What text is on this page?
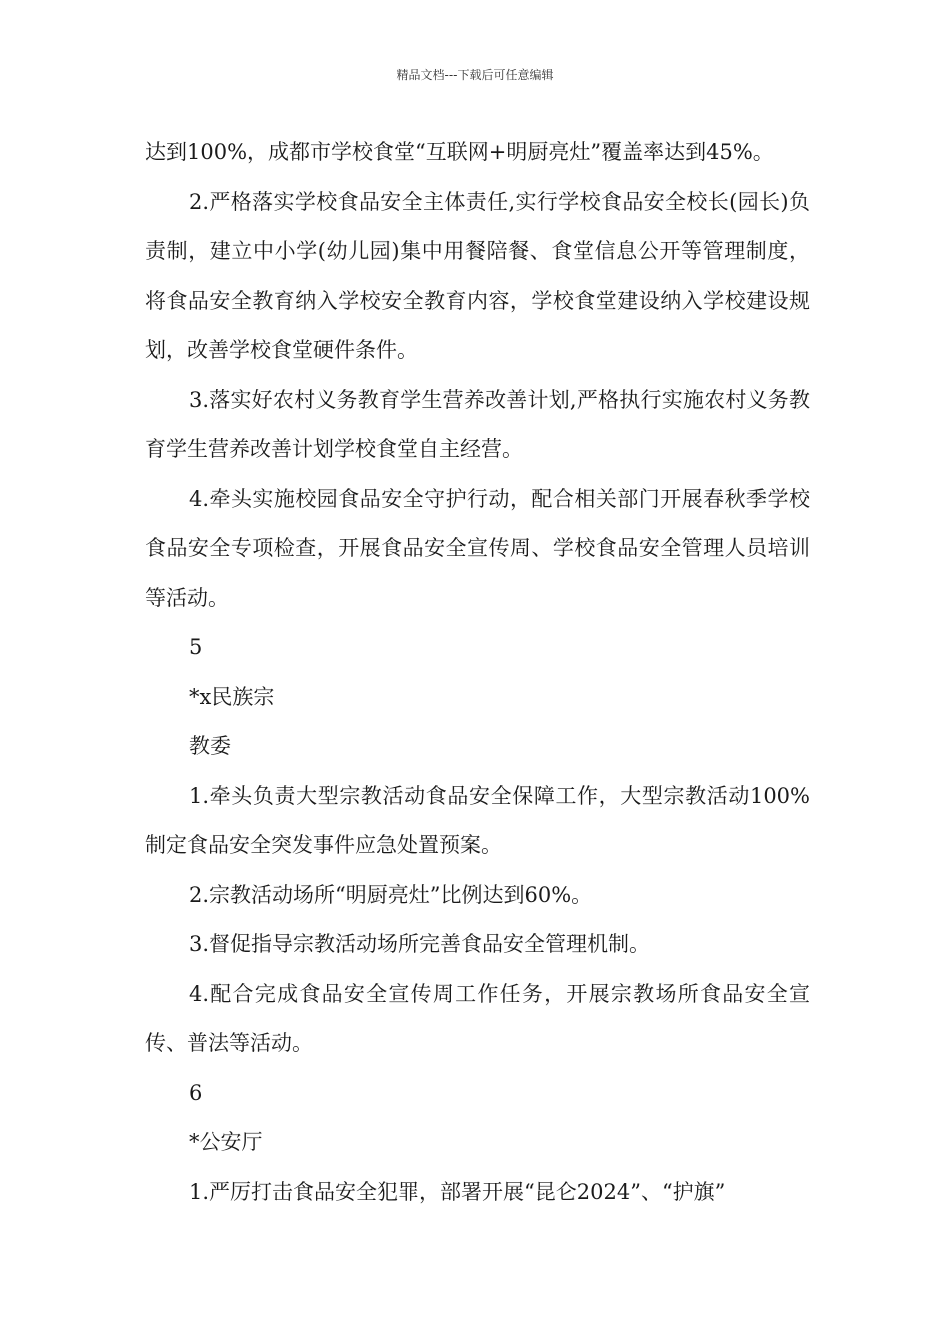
精品文档---下载后可任意编辑

达到100%，成都市学校食堂“互联网+明厨亮灶”覆盖率达到45%。

2.严格落实学校食品安全主体责任,实行学校食品安全校长(园长)负责制，建立中小学(幼儿园)集中用餐陪餐、食堂信息公开等管理制度，将食品安全教育纳入学校安全教育内容，学校食堂建设纳入学校建设规划，改善学校食堂硬件条件。

3.落实好农村义务教育学生营养改善计划,严格执行实施农村义务教育学生营养改善计划学校食堂自主经营。

4.牵头实施校园食品安全守护行动，配合相关部门开展春秋季学校食品安全专项检查，开展食品安全宣传周、学校食品安全管理人员培训等活动。

5

*x民族宗

教委

1.牵头负责大型宗教活动食品安全保障工作，大型宗教活动100%制定食品安全突发事件应急处置预案。

2.宗教活动场所“明厨亮灶”比例达到60%。

3.督促指导宗教活动场所完善食品安全管理机制。

4.配合完成食品安全宣传周工作任务，开展宗教场所食品安全宣传、普法等活动。

6

*公安厅

1.严厉打击食品安全犯罪，部署开展“昆仑2024”、“护旗”
